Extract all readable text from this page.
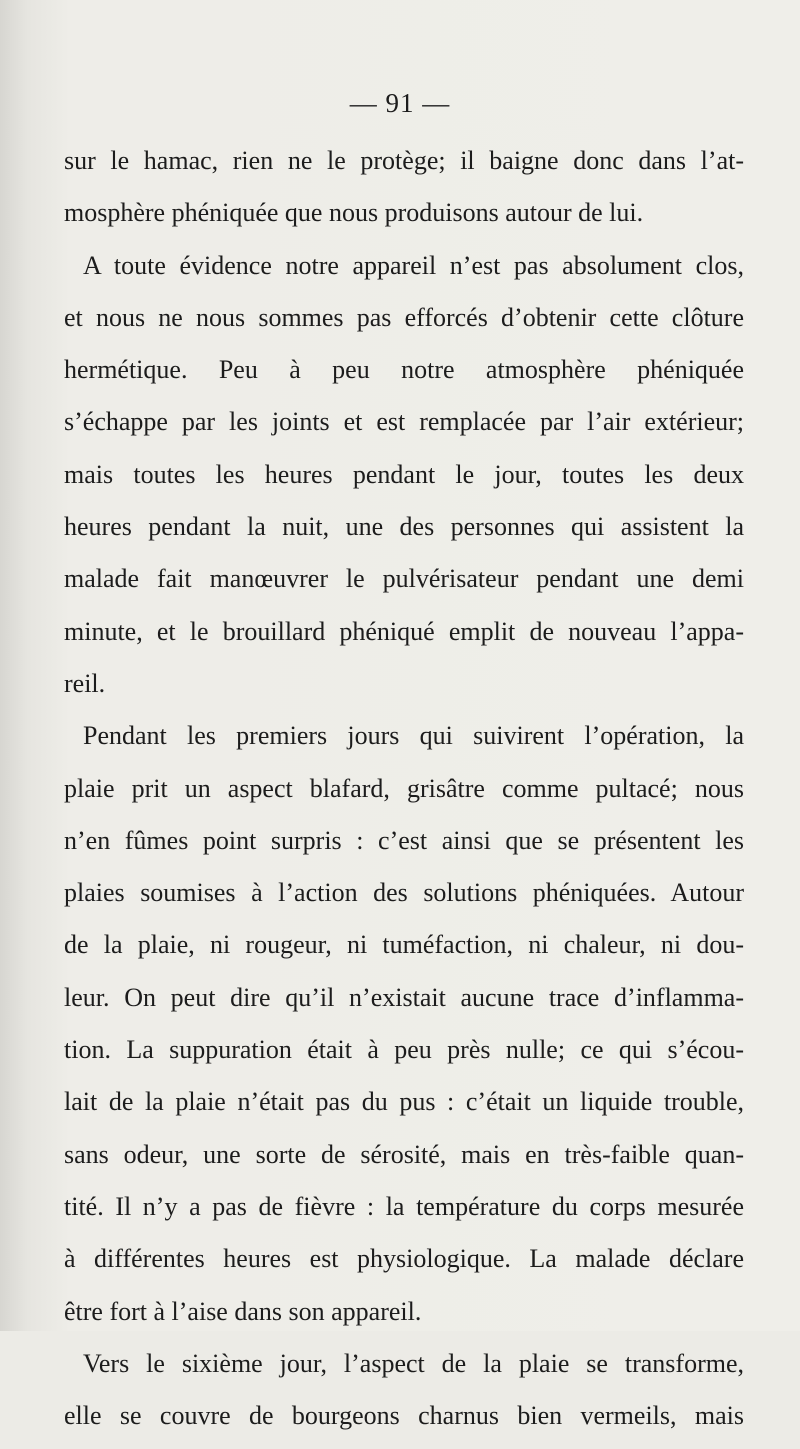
— 91 —
sur le hamac, rien ne le protège; il baigne donc dans l’at-
mosphère phéniquée que nous produisons autour de lui.
A toute évidence notre appareil n’est pas absolument clos,
et nous ne nous sommes pas efforcés d’obtenir cette clôture
hermétique. Peu à peu notre atmosphère phéniquée
s’échappe par les joints et est remplacée par l’air extérieur;
mais toutes les heures pendant le jour, toutes les deux
heures pendant la nuit, une des personnes qui assistent la
malade fait manœuvrer le pulvérisateur pendant une demi
minute, et le brouillard phéniqué emplit de nouveau l’appa-
reil.
Pendant les premiers jours qui suivirent l’opération, la
plaie prit un aspect blafard, grisâtre comme pultacé; nous
n’en fûmes point surpris : c’est ainsi que se présentent les
plaies soumises à l’action des solutions phéniquées. Autour
de la plaie, ni rougeur, ni tuméfaction, ni chaleur, ni dou-
leur. On peut dire qu’il n’existait aucune trace d’inflamma-
tion. La suppuration était à peu près nulle; ce qui s’écou-
lait de la plaie n’était pas du pus : c’était un liquide trouble,
sans odeur, une sorte de sérosité, mais en très-faible quan-
tité. Il n’y a pas de fièvre : la température du corps mesurée
à différentes heures est physiologique. La malade déclare
être fort à l’aise dans son appareil.
Vers le sixième jour, l’aspect de la plaie se transforme,
elle se couvre de bourgeons charnus bien vermeils, mais
